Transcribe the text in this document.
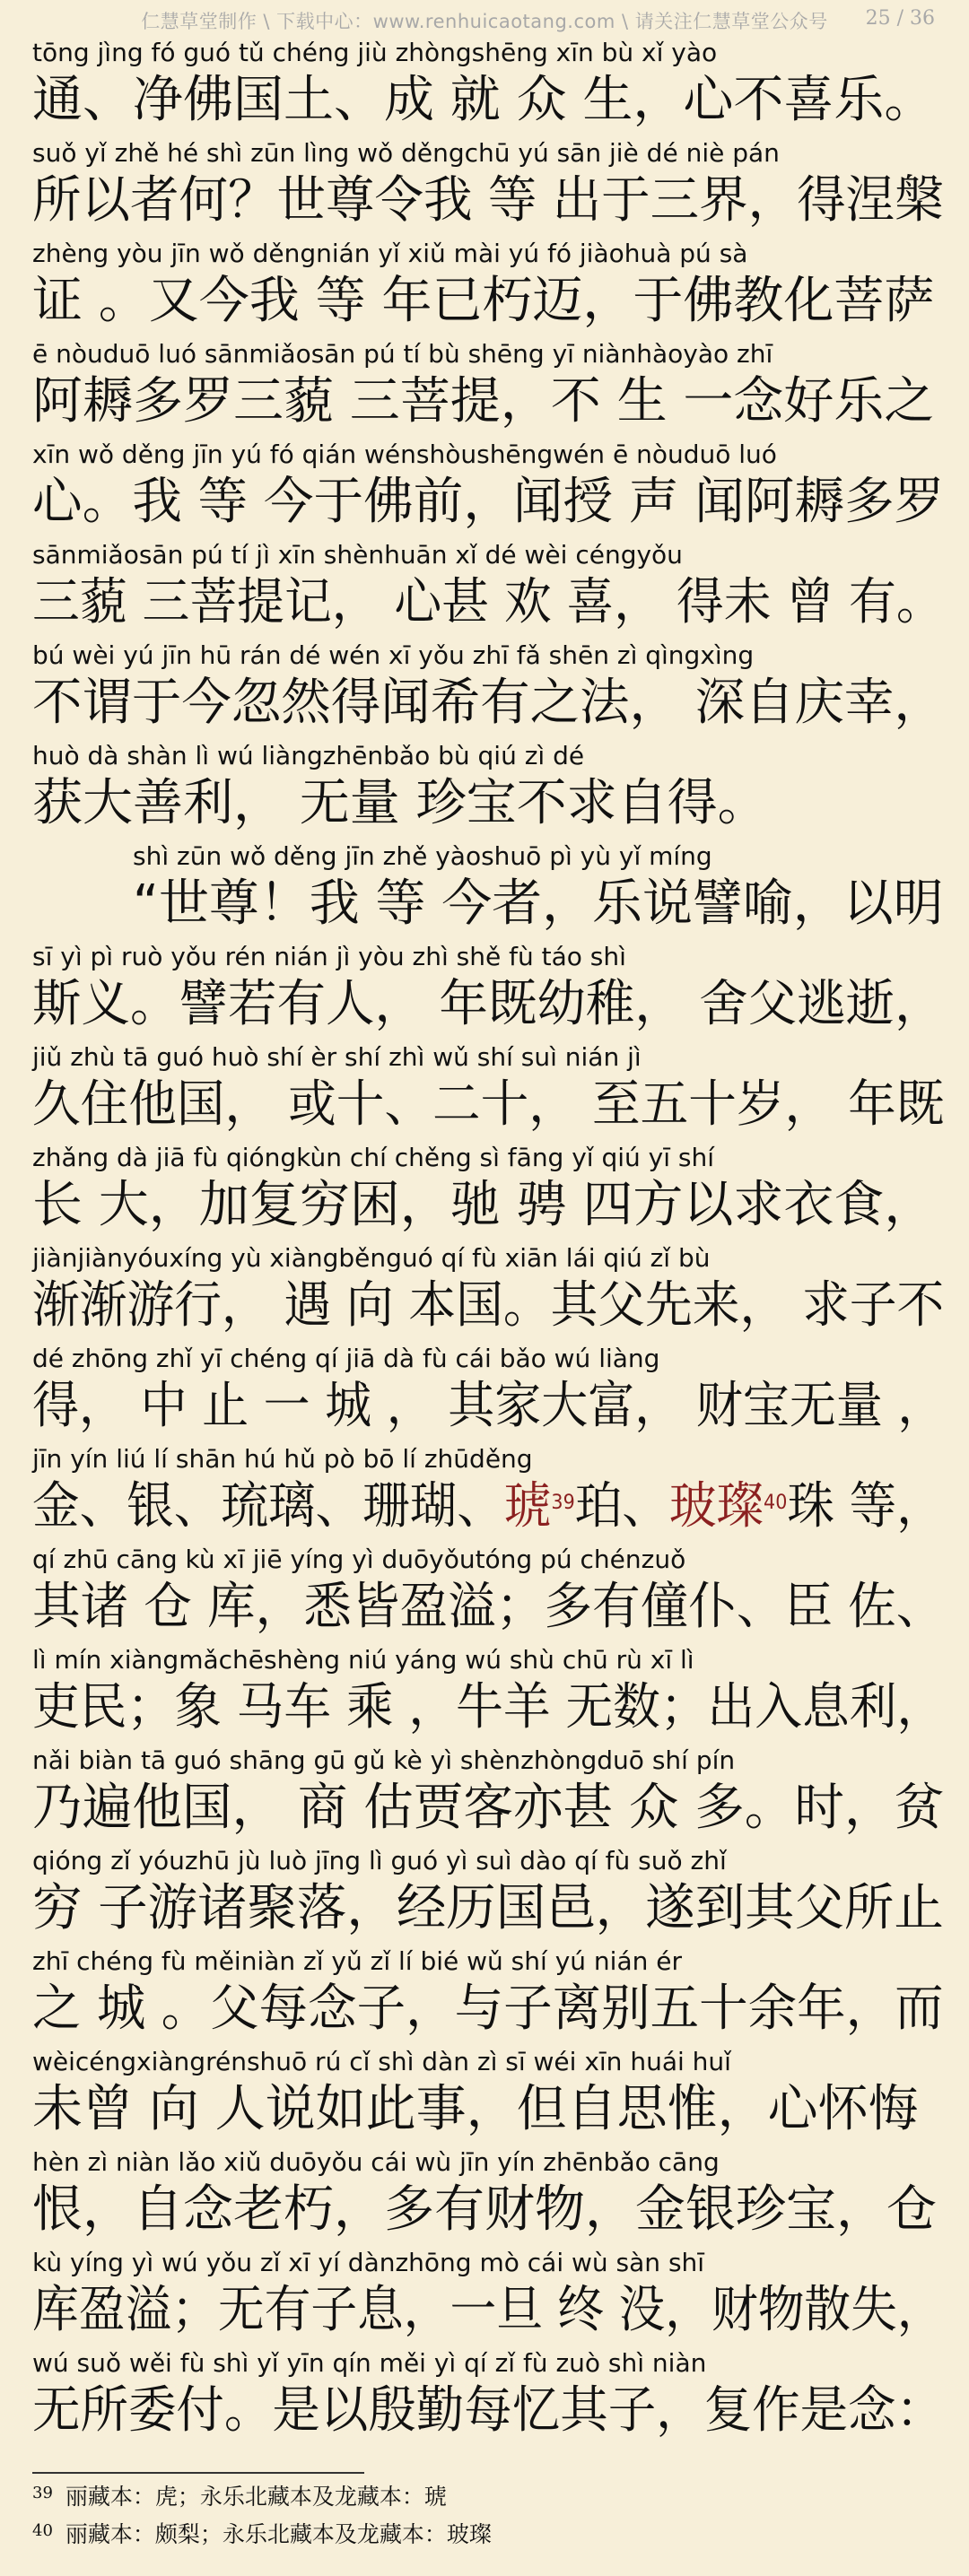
仁慧草堂制作 \ 下载中心：www.renhuicaotang.com \ 请关注仁慧草堂公众号	25 / 36
tōng jìng fó guó tǔ chéng jiù zhòngshēng xīn bù xǐ yào
通、净佛国土、成 就 众 生，心不喜乐。
suǒ yǐ zhě hé shì zūn lìng wǒ děngchū yú sān jiè dé niè pán
所以者何？世尊令我 等 出于三界，得涅槃
zhèng yòu jīn wǒ děngnián yǐ xiǔ mài yú fó jiàohuà pú sà
证 。又今我 等 年已朽迈，于佛教化菩萨
ē nòuduō luó sānmiǎosān pú tí bù shēng yī niànhàoyào zhī
阿耨多罗三藐 三菩提，不 生 一念好乐之
xīn wǒ děng jīn yú fó qián wénshòushēngwén ē nòuduō luó
心。我 等 今于佛前，闻授 声 闻阿耨多罗
sānmiǎosān pú tí jì xīn shènhuān xǐ dé wèi céngyǒu
三藐 三菩提记， 心甚 欢 喜， 得未 曾 有。
bú wèi yú jīn hū rán dé wén xī yǒu zhī fǎ shēn zì qìngxìng
不谓于今忽然得闻希有之法， 深自庆幸，
huò dà shàn lì wú liàngzhēnbǎo bù qiú zì dé
获大善利， 无量 珍宝不求自得。
shì zūn wǒ děng jīn zhě yàoshuō pì yù yǐ míng
“世尊！我 等 今者，乐说譬喻，以明
sī yì pì ruò yǒu rén nián jì yòu zhì shě fù táo shì
斯义。譬若有人， 年既幼稚， 舍父逃逝，
jiǔ zhù tā guó huò shí èr shí zhì wǔ shí suì nián jì
久住他国， 或十、二十， 至五十岁， 年既
zhǎng dà jiā fù qióngkùn chí chěng sì fāng yǐ qiú yī shí
长 大，加复穷困，驰 骋 四方以求衣食，
jiànjiànyóuxíng yù xiàngběnguó qí fù xiān lái qiú zǐ bù
渐渐游行， 遇 向 本国。其父先来， 求子不
dé zhōng zhǐ yī chéng qí jiā dà fù cái bǎo wú liàng
得， 中 止 一 城 ， 其家大富， 财宝无量 ，
jīn yín liú lí shān hú hǔ pò bō lí zhūděng
金、银、琉璃、珊瑚、琥$^{39}$珀、玻璨$^{40}$珠 等，
qí zhū cāng kù xī jiē yíng yì duōyǒutóng pú chénzuǒ
其诸 仓 库，悉皆盈溢；多有僮仆、臣 佐、
lì mín xiàngmǎchēshèng niú yáng wú shù chū rù xī lì
吏民；象 马车 乘 ，牛羊 无数；出入息利，
nǎi biàn tā guó shāng gū gǔ kè yì shènzhòngduō shí pín
乃遍他国， 商 估贾客亦甚 众 多。时，贫
qióng zǐ yóuzhū jù luò jīng lì guó yì suì dào qí fù suǒ zhǐ
穷 子游诸聚落，经历国邑，遂到其父所止
zhī chéng fù měiniàn zǐ yǔ zǐ lí bié wǔ shí yú nián ér
之 城 。父每念子，与子离别五十余年，而
wèicéngxiàngrénshuō rú cǐ shì dàn zì sī wéi xīn huái huǐ
未曾 向 人说如此事，但自思惟，心怀悔
hèn zì niàn lǎo xiǔ duōyǒu cái wù jīn yín zhēnbǎo cāng
恨，自念老朽，多有财物，金银珍宝，仓
kù yíng yì wú yǒu zǐ xī yí dànzhōng mò cái wù sàn shī
库盈溢；无有子息，一旦 终 没，财物散失，
wú suǒ wěi fù shì yǐ yīn qín měi yì qí zǐ fù zuò shì niàn
无所委付。是以殷勤每忆其子，复作是念：
$^{39}$ 丽藏本：虎；永乐北藏本及龙藏本：琥
$^{40}$ 丽藏本：颇梨；永乐北藏本及龙藏本：玻璨
